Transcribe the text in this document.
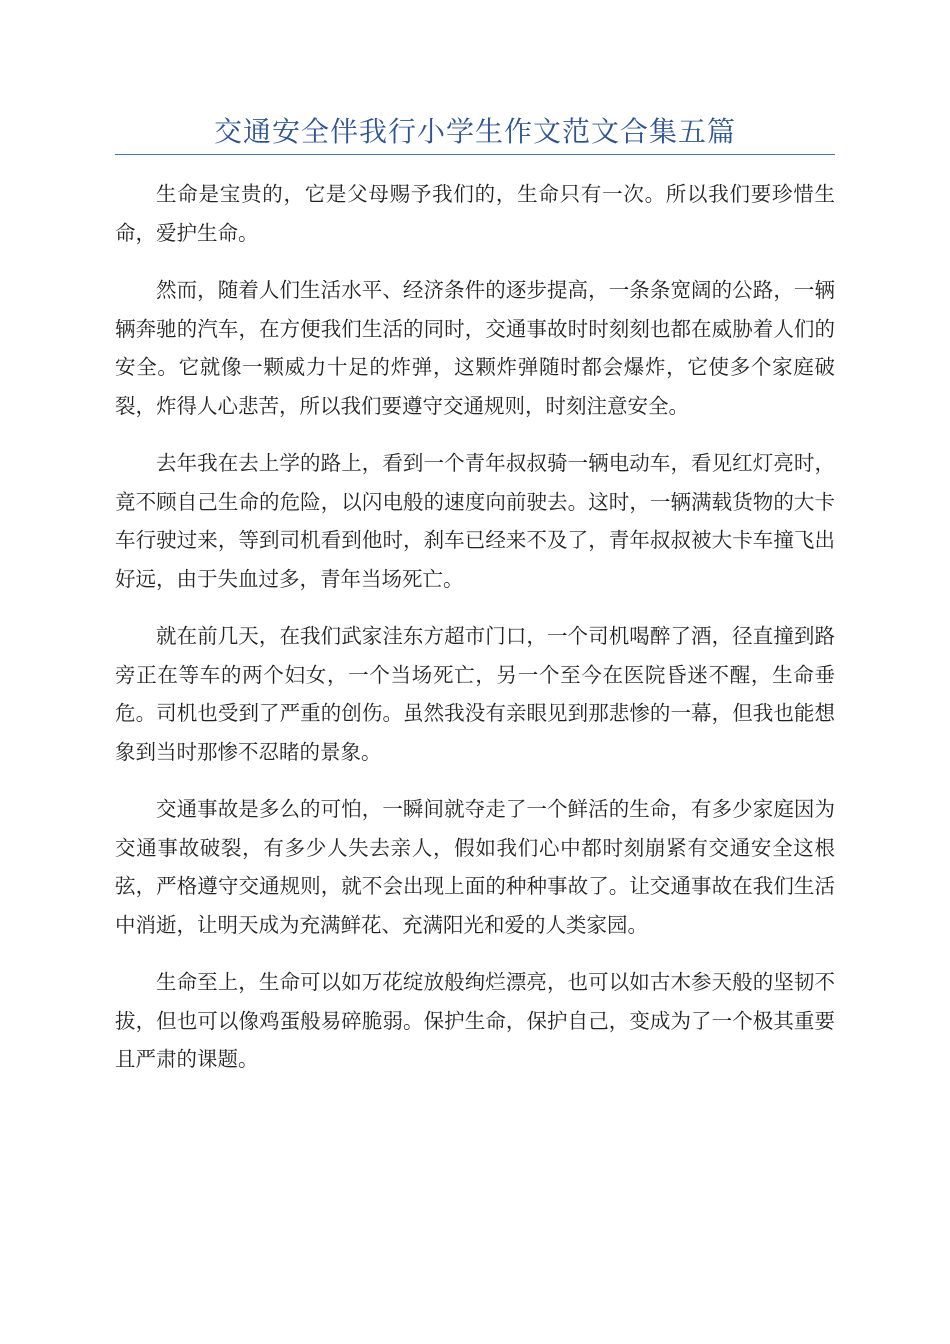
交通安全伴我行小学生作文范文合集五篇

生命是宝贵的，它是父母赐予我们的，生命只有一次。所以我们要珍惜生命，爱护生命。

然而，随着人们生活水平、经济条件的逐步提高，一条条宽阔的公路，一辆辆奔驰的汽车，在方便我们生活的同时，交通事故时时刻刻也都在威胁着人们的安全。它就像一颗威力十足的炸弹，这颗炸弹随时都会爆炸，它使多个家庭破裂，炸得人心悲苦，所以我们要遵守交通规则，时刻注意安全。

去年我在去上学的路上，看到一个青年叔叔骑一辆电动车，看见红灯亮时，竟不顾自己生命的危险，以闪电般的速度向前驶去。这时，一辆满载货物的大卡车行驶过来，等到司机看到他时，刹车已经来不及了，青年叔叔被大卡车撞飞出好远，由于失血过多，青年当场死亡。

就在前几天，在我们武家洼东方超市门口，一个司机喝醉了酒，径直撞到路旁正在等车的两个妇女，一个当场死亡，另一个至今在医院昏迷不醒，生命垂危。司机也受到了严重的创伤。虽然我没有亲眼见到那悲惨的一幕，但我也能想象到当时那惨不忍睹的景象。

交通事故是多么的可怕，一瞬间就夺走了一个鲜活的生命，有多少家庭因为交通事故破裂，有多少人失去亲人，假如我们心中都时刻崩紧有交通安全这根弦，严格遵守交通规则，就不会出现上面的种种事故了。让交通事故在我们生活中消逝，让明天成为充满鲜花、充满阳光和爱的人类家园。

生命至上，生命可以如万花绽放般绚烂漂亮，也可以如古木参天般的坚韧不拔，但也可以像鸡蛋般易碎脆弱。保护生命，保护自己，变成为了一个极其重要且严肃的课题。
